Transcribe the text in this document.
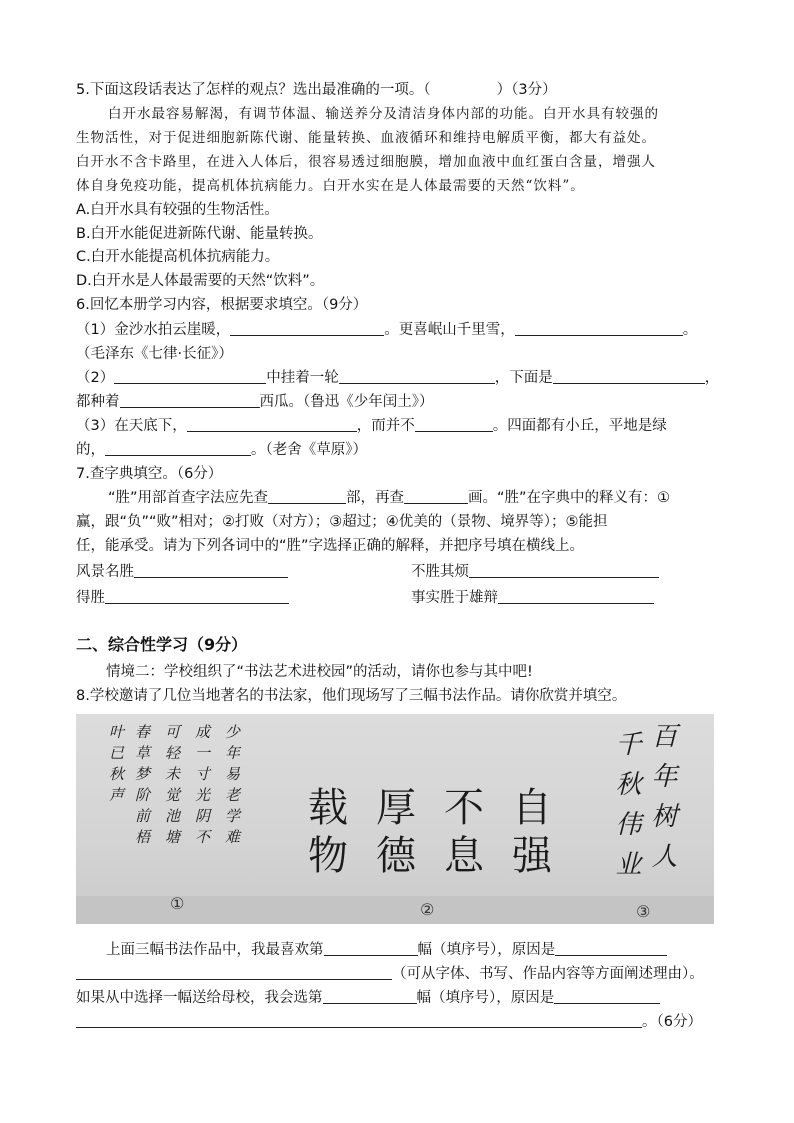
5.下面这段话表达了怎样的观点？选出最准确的一项。（	）（3分）
白开水最容易解渴，有调节体温、输送养分及清洁身体内部的功能。白开水具有较强的
生物活性，对于促进细胞新陈代谢、能量转换、血液循环和维持电解质平衡，都大有益处。
白开水不含卡路里，在进入人体后，很容易透过细胞膜，增加血液中血红蛋白含量，增强人
体自身免疫功能，提高机体抗病能力。白开水实在是人体最需要的天然“饮料”。
A.白开水具有较强的生物活性。
B.白开水能促进新陈代谢、能量转换。
C.白开水能提高机体抗病能力。
D.白开水是人体最需要的天然“饮料”。
6.回忆本册学习内容，根据要求填空。（9分）
（1）金沙水拍云崖暖，	。更喜岷山千里雪，	。
（毛泽东《七律·长征》）
（2）	中挂着一轮	，下面是	，
都种着	西瓜。（鲁迅《少年闰土》）
（3）在天底下，	，而并不	。四面都有小丘，平地是绿
的，	。（老舍《草原》）
7.查字典填空。（6分）
“胜”用部首查字法应先查	部，再查	画。“胜”在字典中的释义有：①
赢，跟“负”“败”相对；②打败（对方）；③超过；④优美的（景物、境界等）；⑤能担
任，能承受。请为下列各词中的“胜”字选择正确的解释，并把序号填在横线上。
风景名胜	不胜其烦
得胜	事实胜于雄辩
二、综合性学习（9分）
情境二：学校组织了“书法艺术进校园”的活动，请你也参与其中吧!
8.学校邀请了几位当地著名的书法家，他们现场写了三幅书法作品。请你欣赏并填空。
叶已秋声 春草梦阶前梧 可轻未觉池塘 成一寸光阴不 少年易老学难 自不厚载
强息德物	百年树人
千秋伟业
①	②	③
上面三幅书法作品中，我最喜欢第	幅（填序号），原因是
（可从字体、书写、作品内容等方面阐述理由）。
如果从中选择一幅送给母校，我会选第	幅（填序号），原因是
。（6分）
